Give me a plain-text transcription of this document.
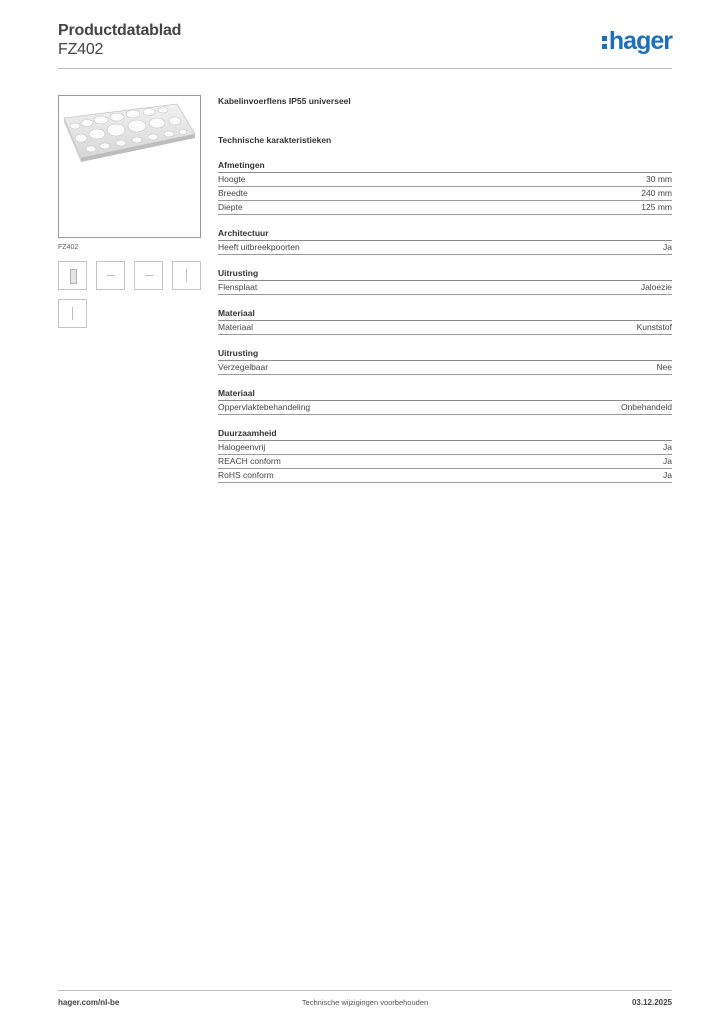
Productdatablad
FZ402	hager
FZ402
Kabelinvoerflens IP55 universeel
Technische karakteristieken
Afmetingen
Hoogte	30 mm
Breedte	240 mm
Diepte	125 mm
Architectuur
Heeft uitbreekpoorten	Ja
Uitrusting
Flensplaat	Jaloezie
Materiaal
Materiaal	Kunststof
Uitrusting
Verzegelbaar	Nee
Materiaal
Oppervlaktebehandeling	Onbehandeld
Duurzaamheid
Halogeenvrij	Ja
REACH conform	Ja
RoHS conform	Ja
hager.com/nl-be	Technische wijzigingen voorbehouden	03.12.2025
